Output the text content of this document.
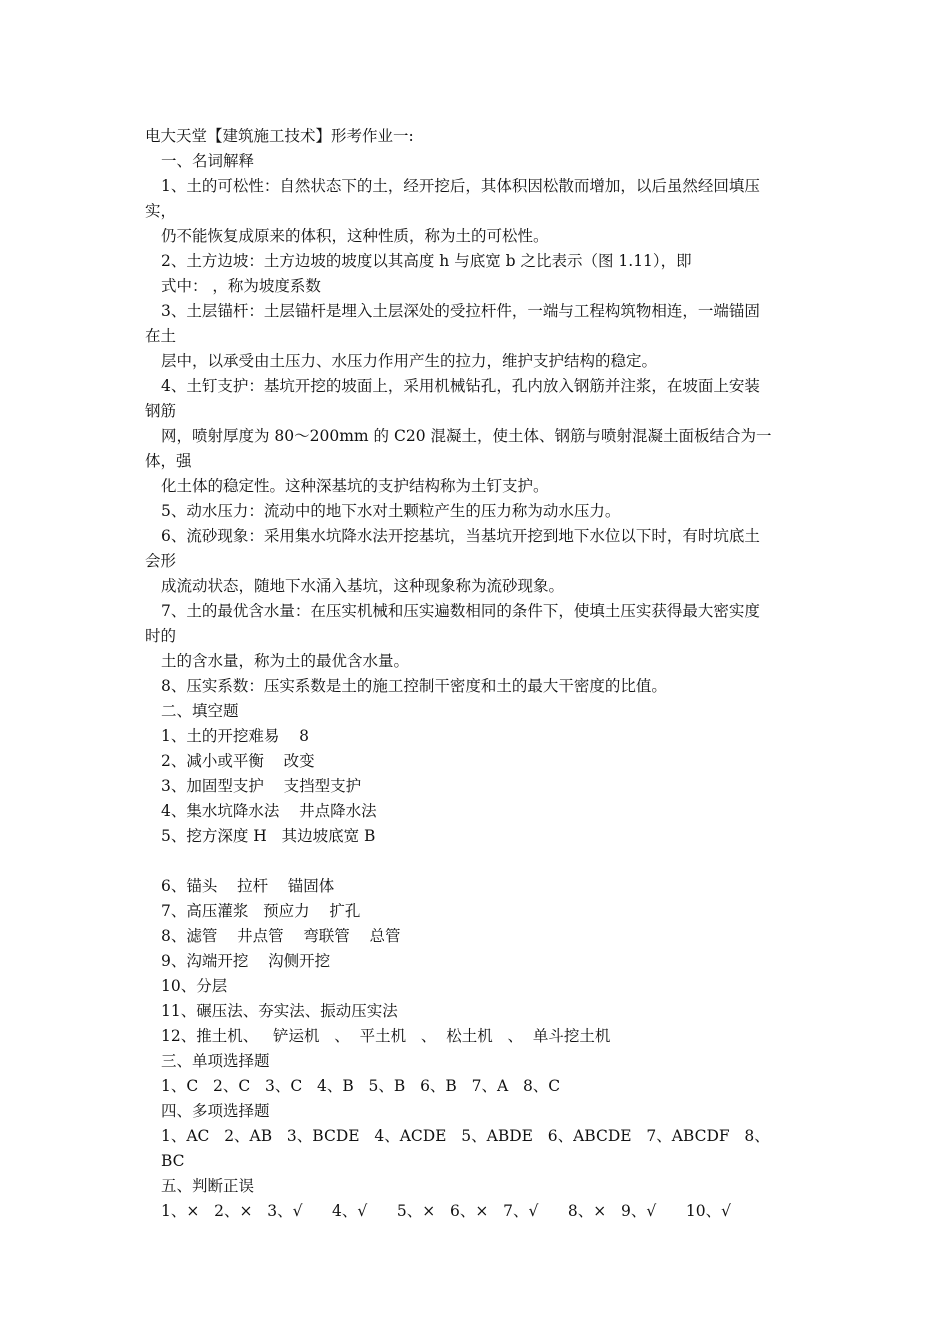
电大天堂【建筑施工技术】形考作业一:
一、名词解释
1、土的可松性：自然状态下的土，经开挖后，其体积因松散而增加，以后虽然经回填压
实，
仍不能恢复成原来的体积，这种性质，称为土的可松性。
2、土方边坡：土方边坡的坡度以其高度 h 与底宽 b 之比表示（图 1.11），即
式中： ，称为坡度系数
3、土层锚杆：土层锚杆是埋入土层深处的受拉杆件，一端与工程构筑物相连，一端锚固
在土
层中，以承受由土压力、水压力作用产生的拉力，维护支护结构的稳定。
4、土钉支护：基坑开挖的坡面上，采用机械钻孔，孔内放入钢筋并注浆，在坡面上安装
钢筋
网，喷射厚度为 80～200mm 的 C20 混凝土，使土体、钢筋与喷射混凝土面板结合为一
体，强
化土体的稳定性。这种深基坑的支护结构称为土钉支护。
5、动水压力：流动中的地下水对土颗粒产生的压力称为动水压力。
6、流砂现象：采用集水坑降水法开挖基坑，当基坑开挖到地下水位以下时，有时坑底土
会形
成流动状态，随地下水涌入基坑，这种现象称为流砂现象。
7、土的最优含水量：在压实机械和压实遍数相同的条件下，使填土压实获得最大密实度
时的
土的含水量，称为土的最优含水量。
8、压实系数：压实系数是土的施工控制干密度和土的最大干密度的比值。
二、填空题
1、土的开挖难易    8
2、减小或平衡    改变
3、加固型支护    支挡型支护
4、集水坑降水法    井点降水法
5、挖方深度 H   其边坡底宽 B
6、锚头    拉杆    锚固体
7、高压灌浆   预应力    扩孔
8、滤管    井点管    弯联管    总管
9、沟端开挖    沟侧开挖
10、分层
11、碾压法、夯实法、振动压实法
12、推土机、   铲运机   、  平土机   、  松土机   、  单斗挖土机
三、单项选择题
1、C   2、C   3、C   4、B   5、B   6、B   7、A   8、C
四、多项选择题
1、AC   2、AB   3、BCDE   4、ACDE   5、ABDE   6、ABCDE   7、ABCDF   8、
BC
五、判断正误
1、×   2、×   3、√      4、√      5、×   6、×   7、√      8、×   9、√      10、√
